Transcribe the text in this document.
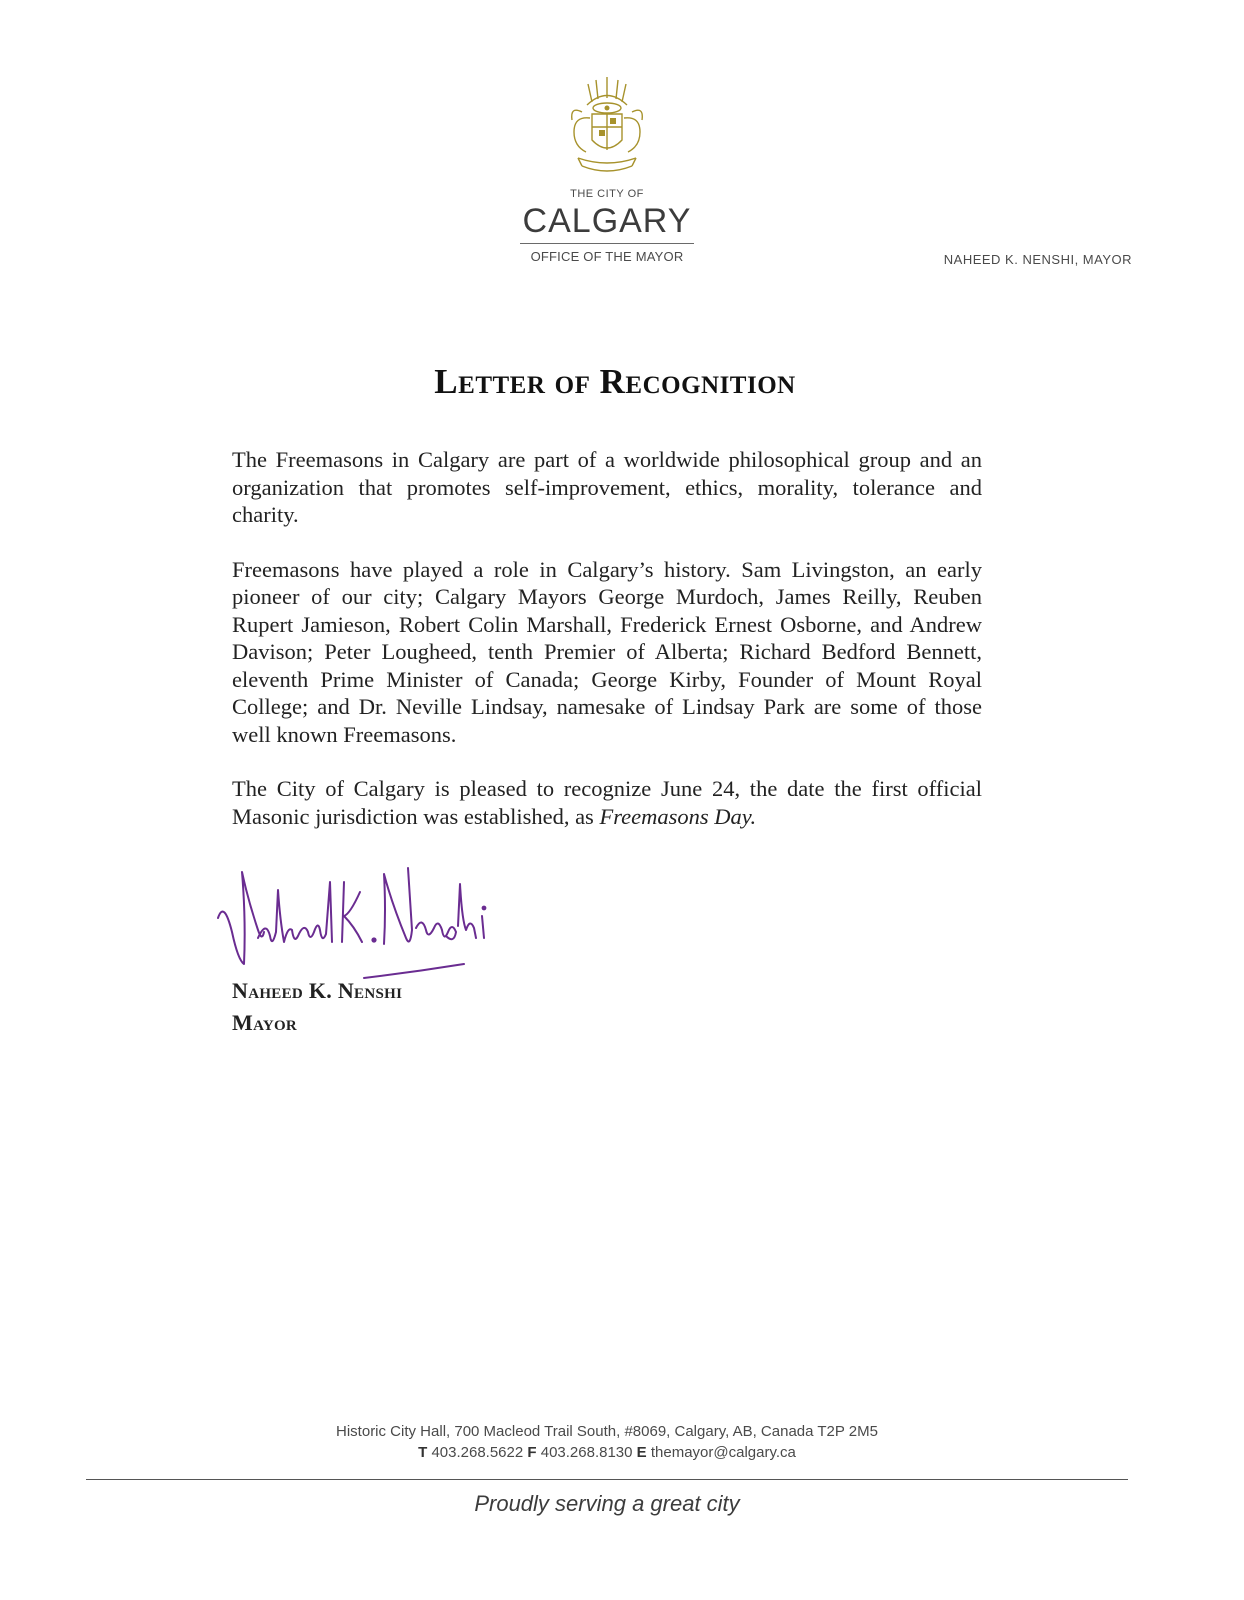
THE CITY OF
CALGARY
OFFICE OF THE MAYOR	NAHEED K. NENSHI, MAYOR
Letter of Recognition

The Freemasons in Calgary are part of a worldwide philosophical group and an organization that promotes self-improvement, ethics, morality, tolerance and charity.

Freemasons have played a role in Calgary’s history. Sam Livingston, an early pioneer of our city; Calgary Mayors George Murdoch, James Reilly, Reuben Rupert Jamieson, Robert Colin Marshall, Frederick Ernest Osborne, and Andrew Davison; Peter Lougheed, tenth Premier of Alberta; Richard Bedford Bennett, eleventh Prime Minister of Canada; George Kirby, Founder of Mount Royal College; and Dr. Neville Lindsay, namesake of Lindsay Park are some of those well known Freemasons.

The City of Calgary is pleased to recognize June 24, the date the first official Masonic jurisdiction was established, as Freemasons Day.

Naheed K. Nenshi
Mayor
Historic City Hall, 700 Macleod Trail South, #8069, Calgary, AB, Canada T2P 2M5
T 403.268.5622 F 403.268.8130 E themayor@calgary.ca
Proudly serving a great city
